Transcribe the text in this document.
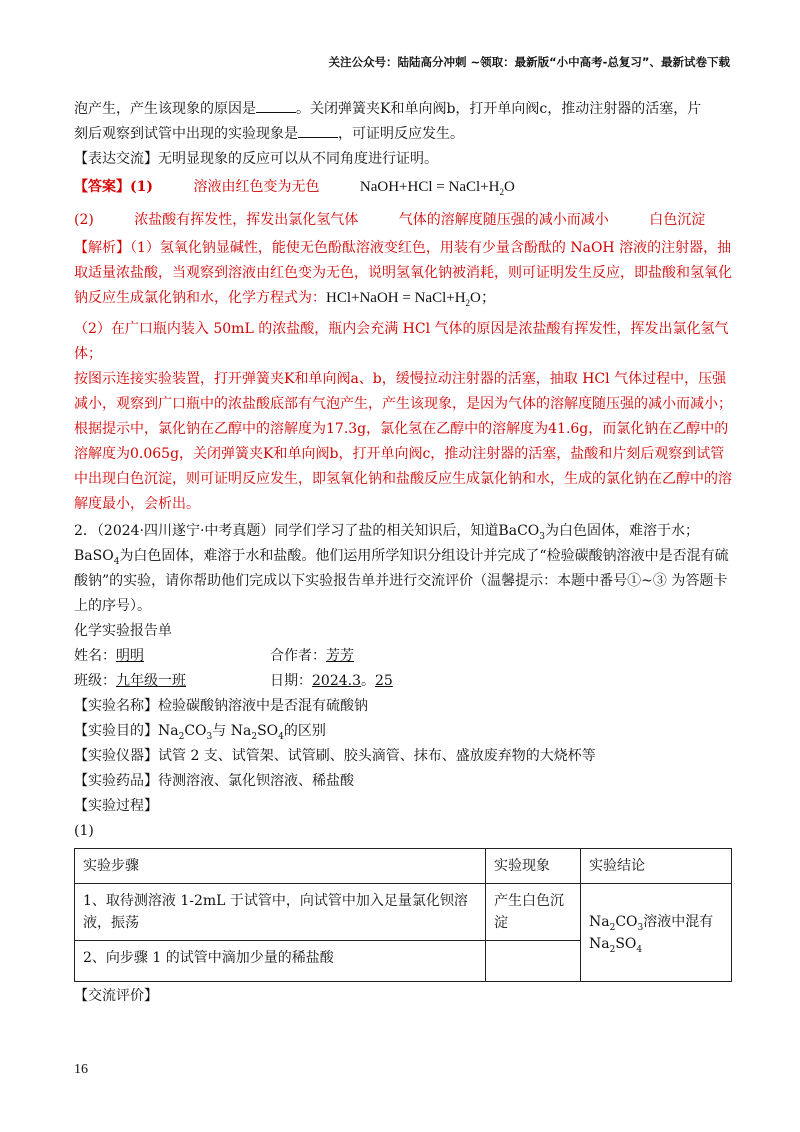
关注公众号：陆陆高分冲刺 ~领取：最新版“小中高考-总复习”、最新试卷下载

泡产生，产生该现象的原因是	。关闭弹簧夹K和单向阀b，打开单向阀c，推动注射器的活塞，片
刻后观察到试管中出现的实验现象是	，可证明反应发生。

【表达交流】无明显现象的反应可以从不同角度进行证明。

【答案】(1)	溶液由红色变为无色	NaOH+HCl = $NaCl+H_2O$

(2)	浓盐酸有挥发性，挥发出氯化氢气体	气体的溶解度随压强的减小而减小	白色沉淀

【解析】（1）氢氧化钠显碱性，能使无色酚酞溶液变红色，用装有少量含酚酞的 NaOH 溶液的注射器，抽取适量浓盐酸，当观察到溶液由红色变为无色，说明氢氧化钠被消耗，则可证明发生反应，即盐酸和氢氧化钠反应生成氯化钠和水，化学方程式为：HCl+NaOH = $NaCl+H_2O$；

（2）在广口瓶内装入 50mL 的浓盐酸，瓶内会充满 HCl 气体的原因是浓盐酸有挥发性，挥发出氯化氢气体；

按图示连接实验装置，打开弹簧夹K和单向阀a、b，缓慢拉动注射器的活塞，抽取 HCl 气体过程中，压强减小，观察到广口瓶中的浓盐酸底部有气泡产生，产生该现象，是因为气体的溶解度随压强的减小而减小；

根据提示中，氯化钠在乙醇中的溶解度为17.3g，氯化氢在乙醇中的溶解度为41.6g，而氯化钠在乙醇中的溶解度为0.065g，关闭弹簧夹K和单向阀b，打开单向阀c，推动注射器的活塞，盐酸和片刻后观察到试管中出现白色沉淀，则可证明反应发生，即氢氧化钠和盐酸反应生成氯化钠和水，生成的氯化钠在乙醇中的溶解度最小，会析出。

2．（2024·四川遂宁·中考真题）同学们学习了盐的相关知识后，知道BaCO$_3$为白色固体，难溶于水；BaSO$_4$为白色固体，难溶于水和盐酸。他们运用所学知识分组设计并完成了“检验碳酸钠溶液中是否混有硫酸钠”的实验，请你帮助他们完成以下实验报告单并进行交流评价（温馨提示：本题中番号①~③ 为答题卡上的序号）。

化学实验报告单

姓名：明明	合作者：芳芳
班级：九年级一班	日期：2024.3。25

【实验名称】检验碳酸钠溶液中是否混有硫酸钠

【实验目的】$Na_2CO_3$与 $Na_2SO_4$的区别

【实验仪器】试管 2 支、试管架、试管刷、胶头滴管、抹布、盛放废弃物的大烧杯等

【实验药品】待测溶液、氯化钡溶液、稀盐酸

【实验过程】

(1)

实验步骤	实验现象	实验结论
1、取待测溶液 1-2mL 于试管中，向试管中加入足量氯化钡溶液，振荡	产生白色沉淀	$Na_2CO_3$溶液中混有
$Na_2SO_4$
2、向步骤 1 的试管中滴加少量的稀盐酸		

【交流评价】

16
